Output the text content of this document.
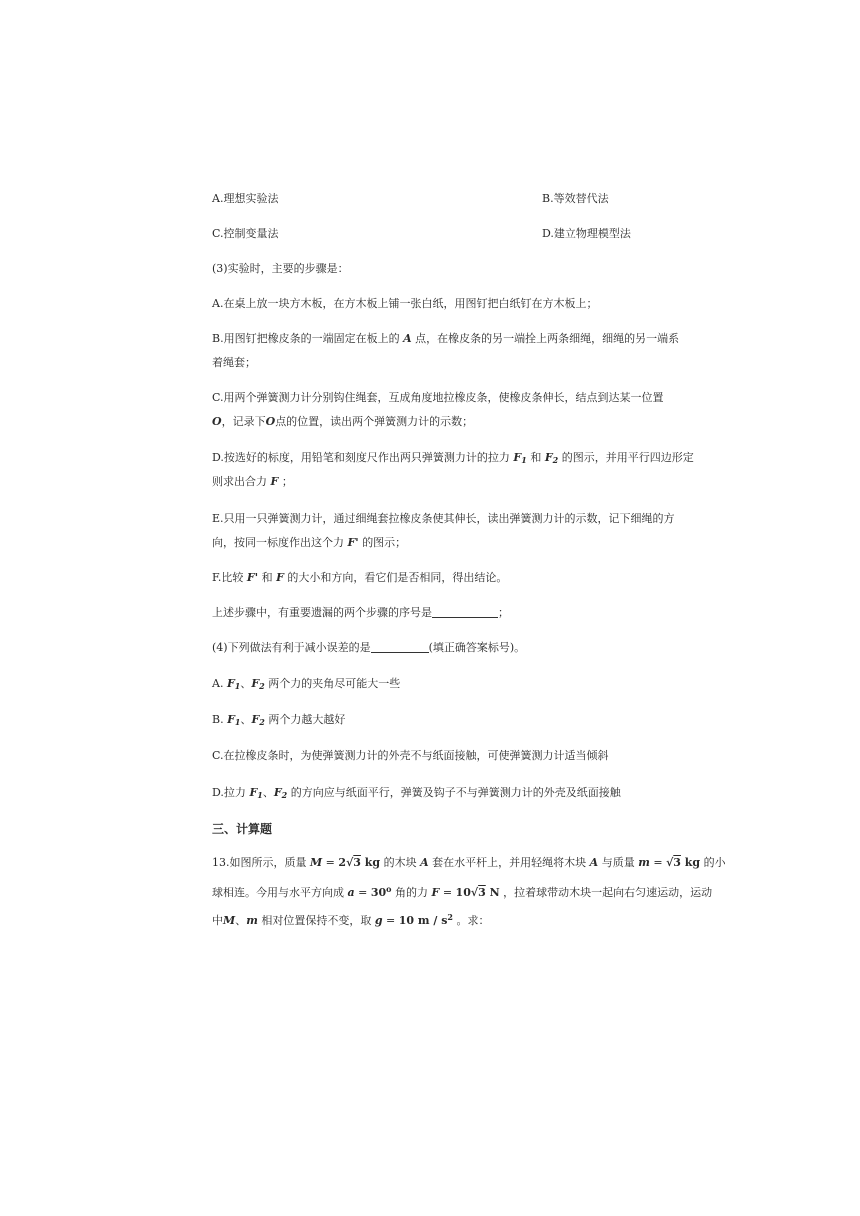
A.理想实验法	B.等效替代法
C.控制变量法	D.建立物理模型法
(3)实验时，主要的步骤是：
A.在桌上放一块方木板，在方木板上铺一张白纸，用图钉把白纸钉在方木板上；
B.用图钉把橡皮条的一端固定在板上的 A 点，在橡皮条的另一端拴上两条细绳，细绳的另一端系
着绳套；
C.用两个弹簧测力计分别钩住绳套，互成角度地拉橡皮条，使橡皮条伸长，结点到达某一位置
O，记录下O点的位置，读出两个弹簧测力计的示数；
D.按选好的标度，用铅笔和刻度尺作出两只弹簧测力计的拉力 $F_1$ 和 $F_2$ 的图示，并用平行四边形定
则求出合力 F ；
E.只用一只弹簧测力计，通过细绳套拉橡皮条使其伸长，读出弹簧测力计的示数，记下细绳的方
向，按同一标度作出这个力 F' 的图示；
F.比较 F' 和 F 的大小和方向，看它们是否相同，得出结论。
上述步骤中，有重要遗漏的两个步骤的序号是	；
(4)下列做法有利于减小误差的是	(填正确答案标号)。
A. $F_1$、$F_2$ 两个力的夹角尽可能大一些
B. $F_1$、$F_2$ 两个力越大越好
C.在拉橡皮条时，为使弹簧测力计的外壳不与纸面接触，可使弹簧测力计适当倾斜
D.拉力 $F_1$、$F_2$ 的方向应与纸面平行，弹簧及钩子不与弹簧测力计的外壳及纸面接触
三、计算题
13.如图所示，质量 M = 2√3 kg 的木块 A 套在水平杆上，并用轻绳将木块 A 与质量 m = √3 kg 的小
球相连。今用与水平方向成 $a = 30^o$ 角的力 F = 10√3 N ，拉着球带动木块一起向右匀速运动，运动
中M、m 相对位置保持不变，取 g = 10 m / $s^2$ 。求：
